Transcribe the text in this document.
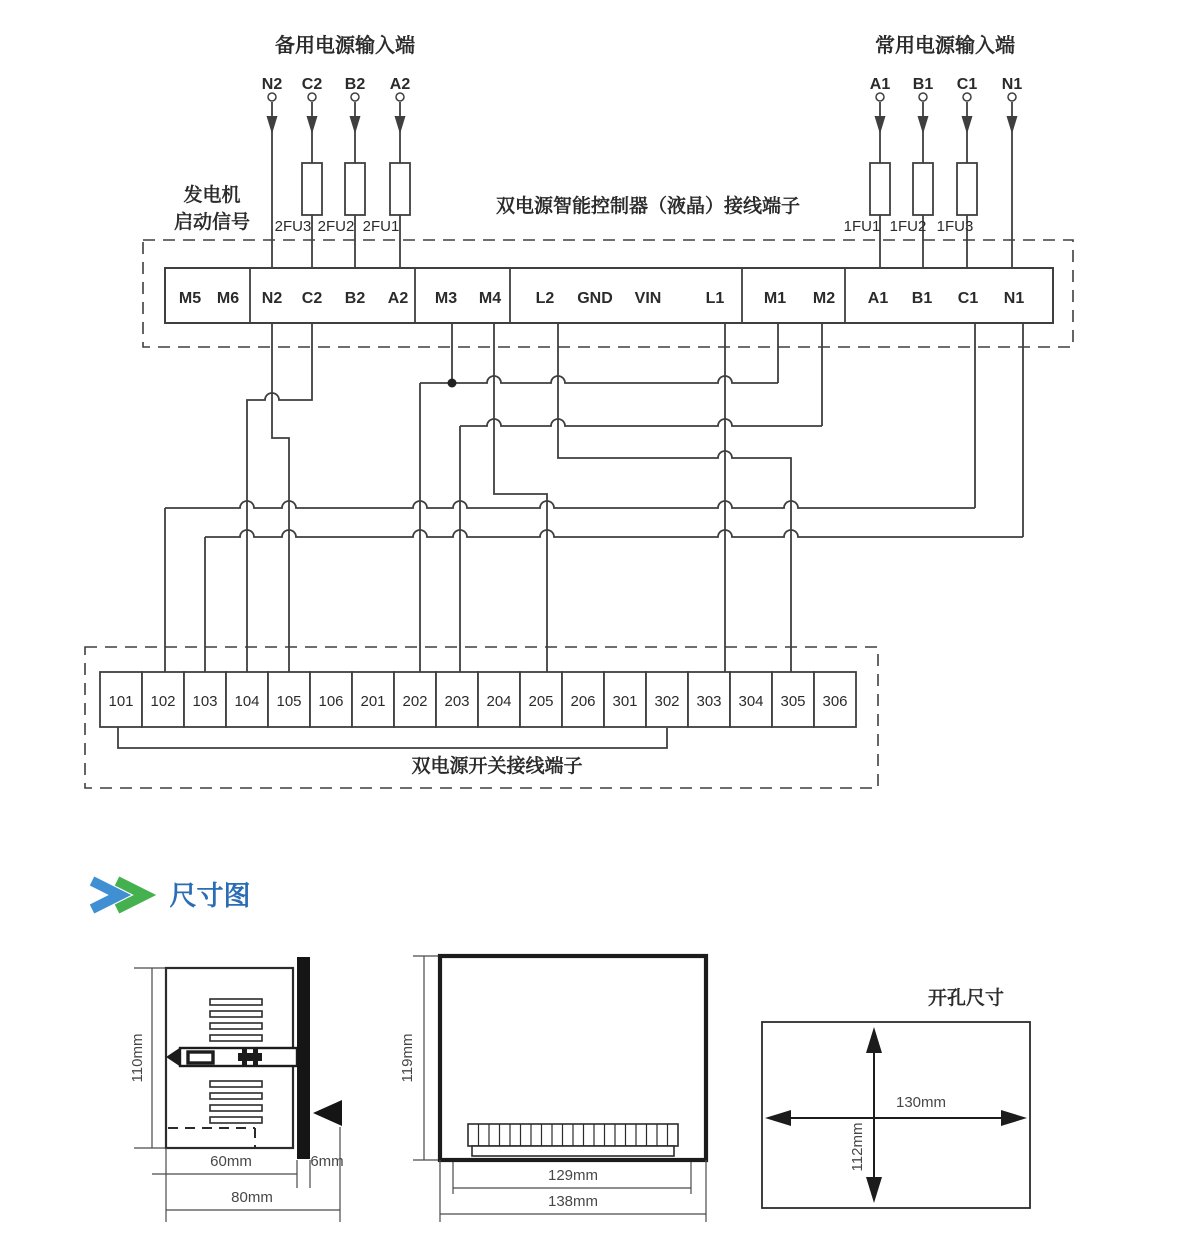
备用电源输入端	常用电源输入端
发电机
启动信号
双电源智能控制器（液晶）接线端子
N2 C2 B2 A2
2FU3 2FU2 2FU1
A1 B1 C1 N1
1FU1 1FU2 1FU3
M5 M6 N2 C2 B2 A2 M3 M4 L2 GND VIN	L1 M1 M2 A1 B1 C1 N1
101 102 103 104 105 106 201 202 203 204 205 206 301 302 303 304 305 306
双电源开关接线端子
尺寸图
110mm
60mm	6mm
80mm
119mm
129mm
138mm
开孔尺寸
112mm
130mm
